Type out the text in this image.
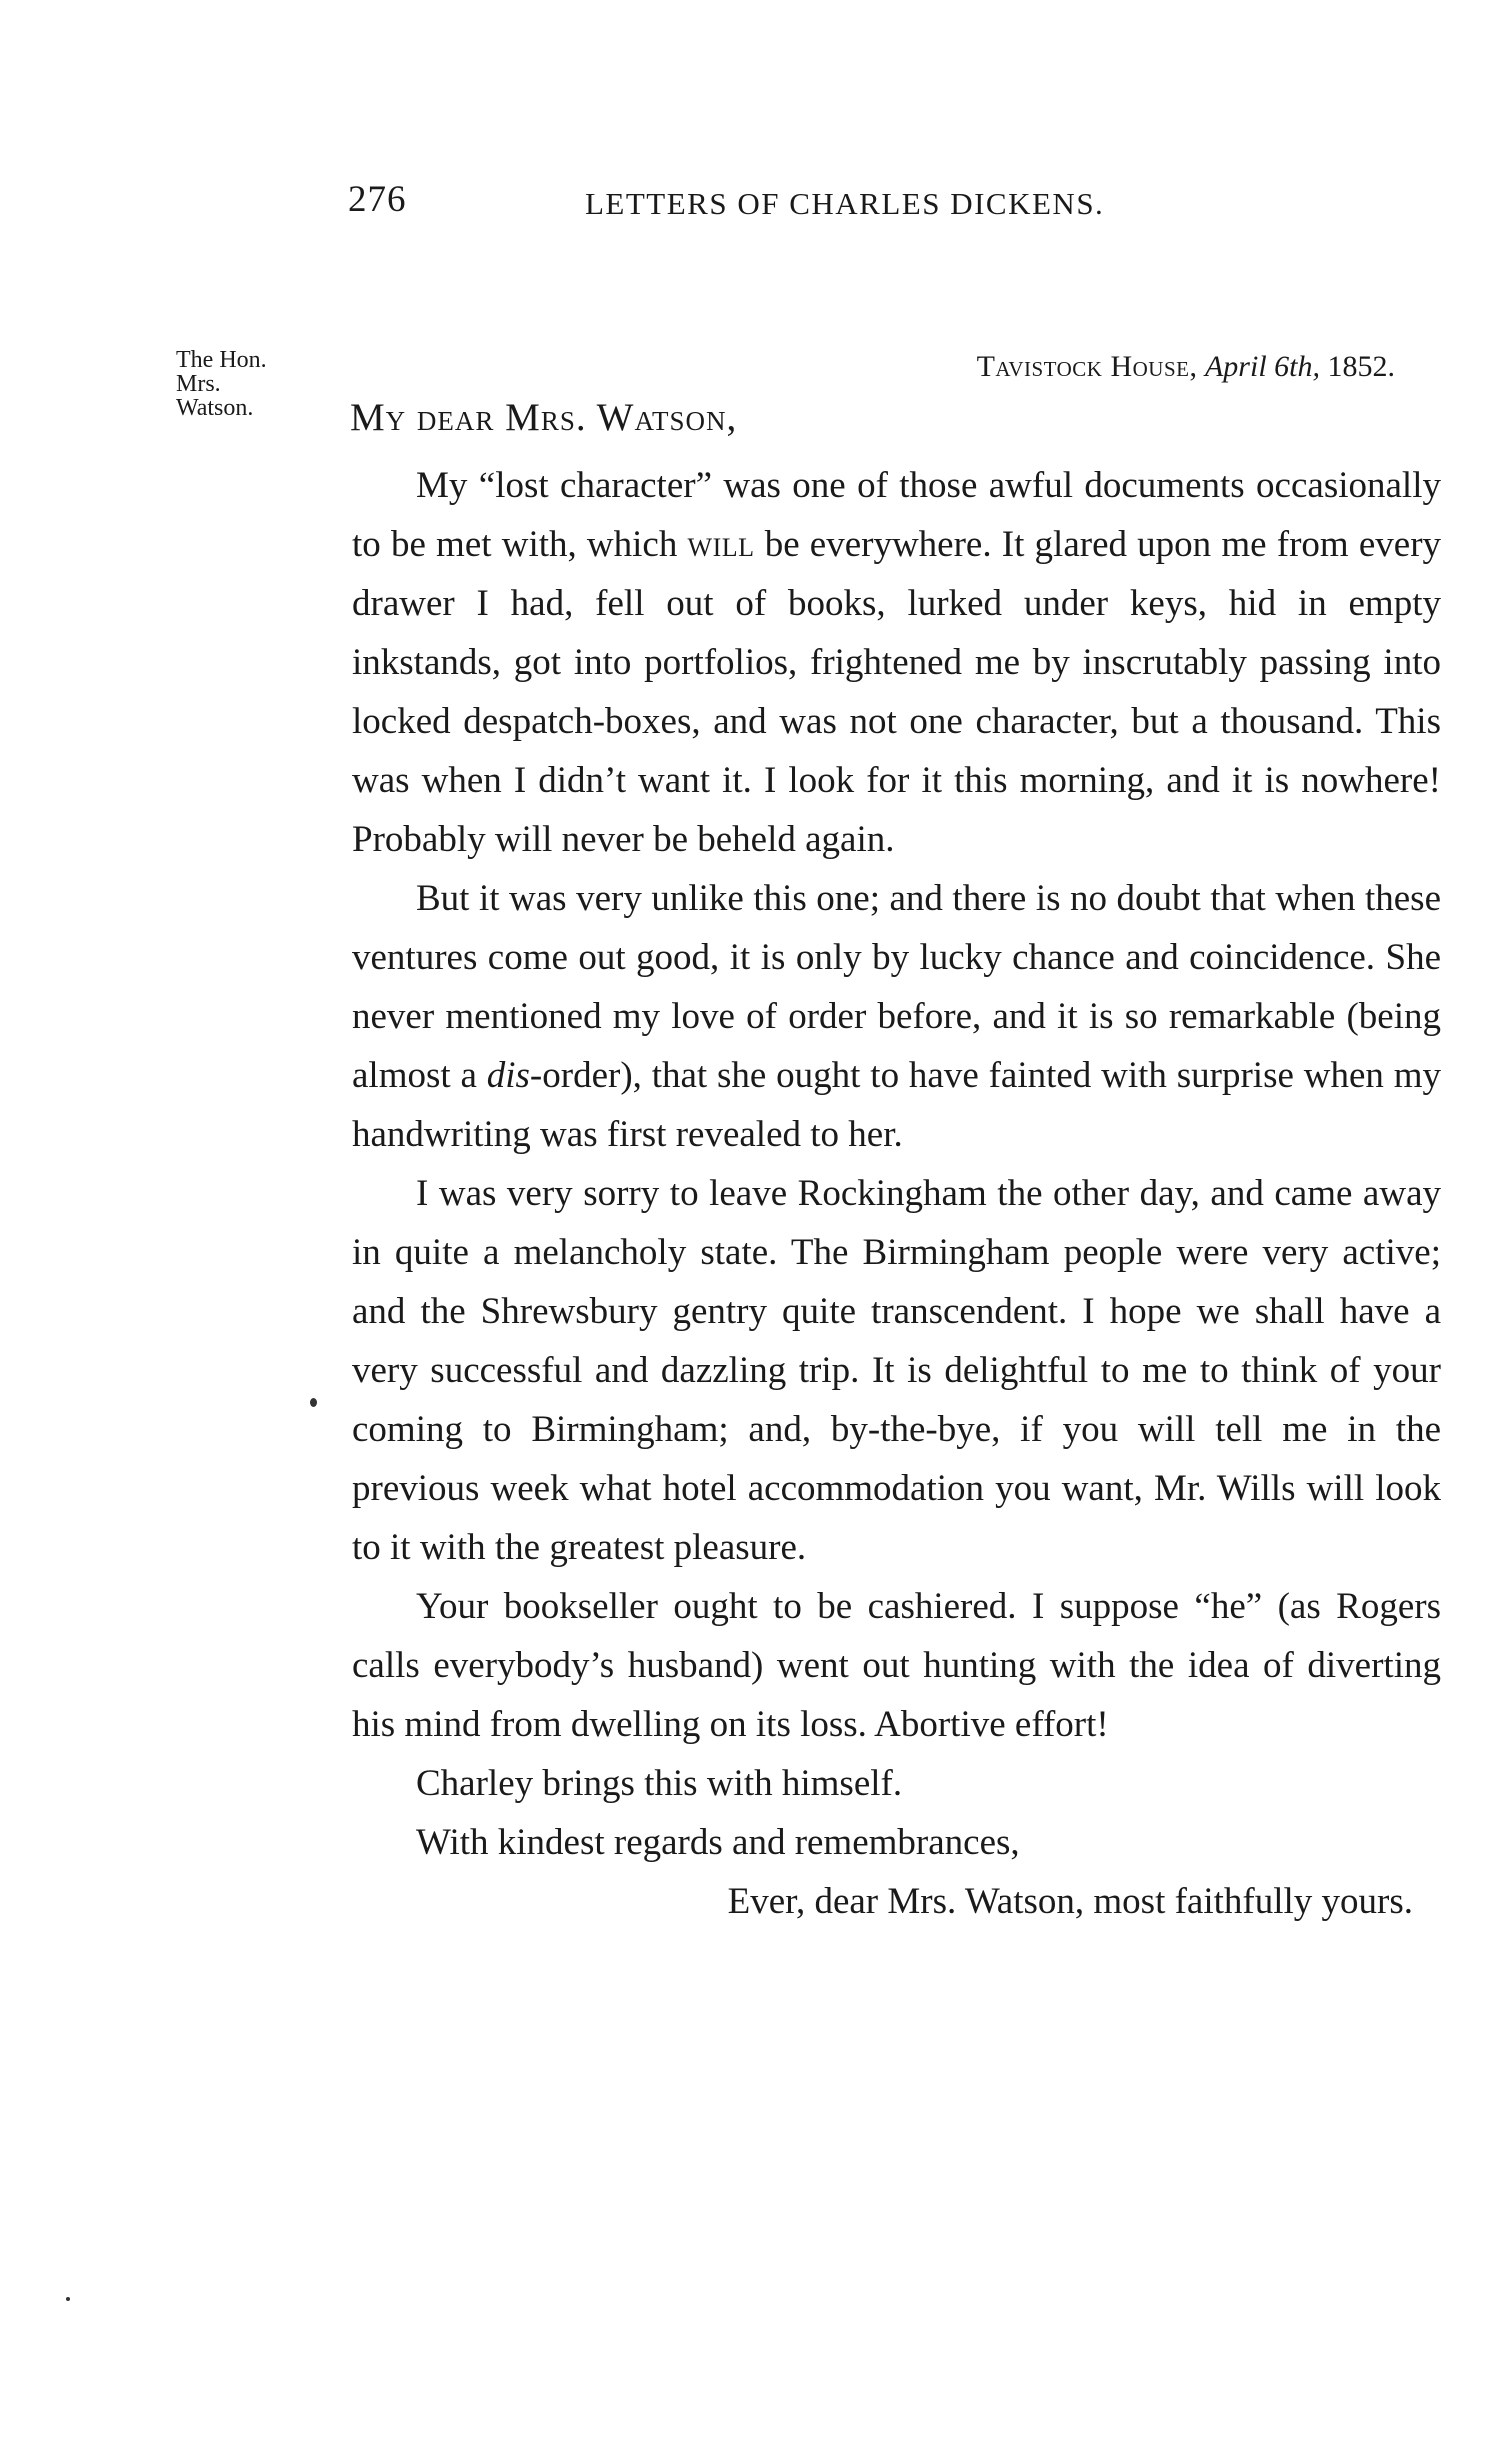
276	LETTERS OF CHARLES DICKENS.
The Hon.
Mrs.
Watson.
Tavistock House, April 6th, 1852.
My dear Mrs. Watson,

My “lost character” was one of those awful documents occasionally to be met with, which will be everywhere. It glared upon me from every drawer I had, fell out of books, lurked under keys, hid in empty inkstands, got into portfolios, frightened me by inscrutably passing into locked despatch-boxes, and was not one character, but a thousand. This was when I didn’t want it. I look for it this morning, and it is nowhere! Probably will never be beheld again.

But it was very unlike this one; and there is no doubt that when these ventures come out good, it is only by lucky chance and coincidence. She never mentioned my love of order before, and it is so remarkable (being almost a dis-order), that she ought to have fainted with surprise when my handwriting was first revealed to her.

I was very sorry to leave Rockingham the other day, and came away in quite a melancholy state. The Birmingham people were very active; and the Shrewsbury gentry quite transcendent. I hope we shall have a very successful and dazzling trip. It is delightful to me to think of your coming to Birmingham; and, by-the-bye, if you will tell me in the previous week what hotel accommodation you want, Mr. Wills will look to it with the greatest pleasure.

Your bookseller ought to be cashiered. I suppose “he” (as Rogers calls everybody’s husband) went out hunting with the idea of diverting his mind from dwelling on its loss. Abortive effort!

Charley brings this with himself.

With kindest regards and remembrances,

Ever, dear Mrs. Watson, most faithfully yours.
